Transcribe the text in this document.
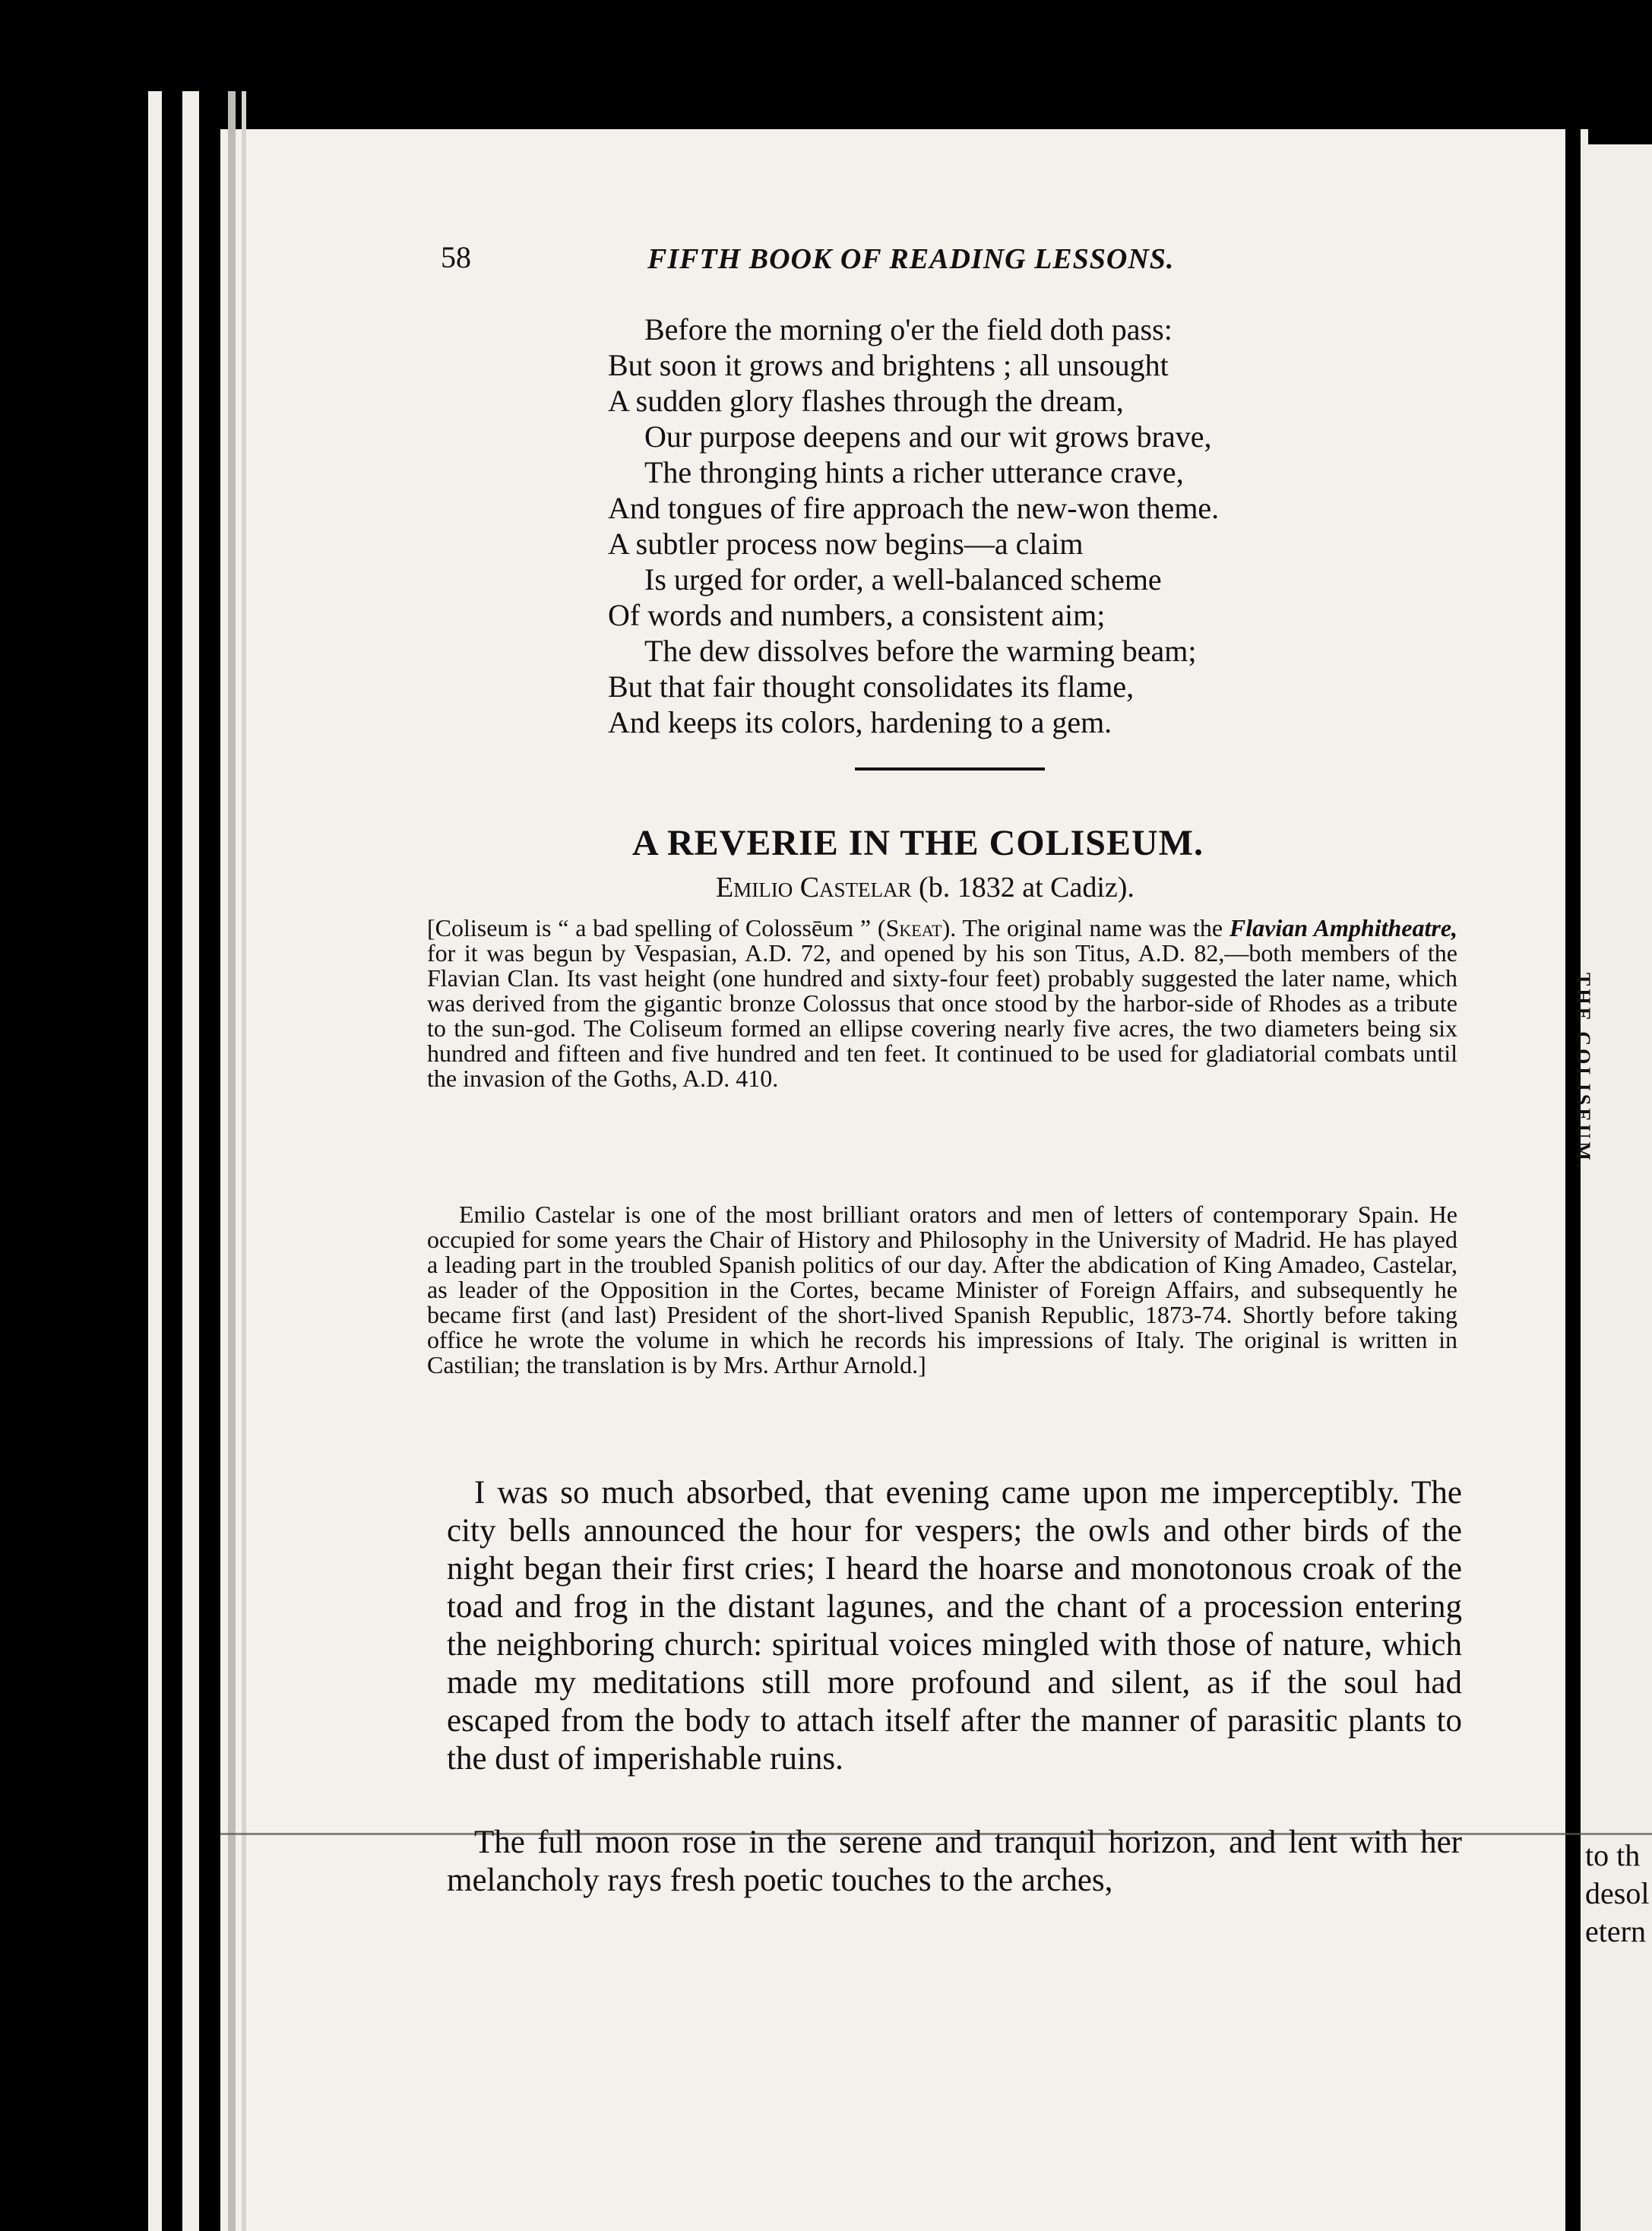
THE COLISEUM.
to th
desol
etern
58	FIFTH BOOK OF READING LESSONS.
Before the morning o'er the field doth pass:
But soon it grows and brightens ; all unsought
A sudden glory flashes through the dream,
Our purpose deepens and our wit grows brave,
The thronging hints a richer utterance crave,
And tongues of fire approach the new-won theme.
A subtler process now begins—a claim
Is urged for order, a well-balanced scheme
Of words and numbers, a consistent aim;
The dew dissolves before the warming beam;
But that fair thought consolidates its flame,
And keeps its colors, hardening to a gem.
A REVERIE IN THE COLISEUM.
Emilio Castelar (b. 1832 at Cadiz).
[Coliseum is “ a bad spelling of Colossēum ” (Skeat). The original name was the Flavian Amphitheatre, for it was begun by Vespasian, A.D. 72, and opened by his son Titus, A.D. 82,—both members of the Flavian Clan. Its vast height (one hundred and sixty-four feet) probably suggested the later name, which was derived from the gigantic bronze Colossus that once stood by the harbor-side of Rhodes as a tribute to the sun-god. The Coliseum formed an ellipse covering nearly five acres, the two diameters being six hundred and fifteen and five hundred and ten feet. It continued to be used for gladiatorial combats until the invasion of the Goths, A.D. 410.
Emilio Castelar is one of the most brilliant orators and men of letters of contemporary Spain. He occupied for some years the Chair of History and Philosophy in the University of Madrid. He has played a leading part in the troubled Spanish politics of our day. After the abdication of King Amadeo, Castelar, as leader of the Opposition in the Cortes, became Minister of Foreign Affairs, and subsequently he became first (and last) President of the short-lived Spanish Republic, 1873-74. Shortly before taking office he wrote the volume in which he records his impressions of Italy. The original is written in Castilian; the translation is by Mrs. Arthur Arnold.]
I was so much absorbed, that evening came upon me imperceptibly. The city bells announced the hour for vespers; the owls and other birds of the night began their first cries; I heard the hoarse and monotonous croak of the toad and frog in the distant lagunes, and the chant of a procession entering the neighboring church: spiritual voices mingled with those of nature, which made my meditations still more profound and silent, as if the soul had escaped from the body to attach itself after the manner of parasitic plants to the dust of imperishable ruins.
The full moon rose in the serene and tranquil horizon, and lent with her melancholy rays fresh poetic touches to the arches,
